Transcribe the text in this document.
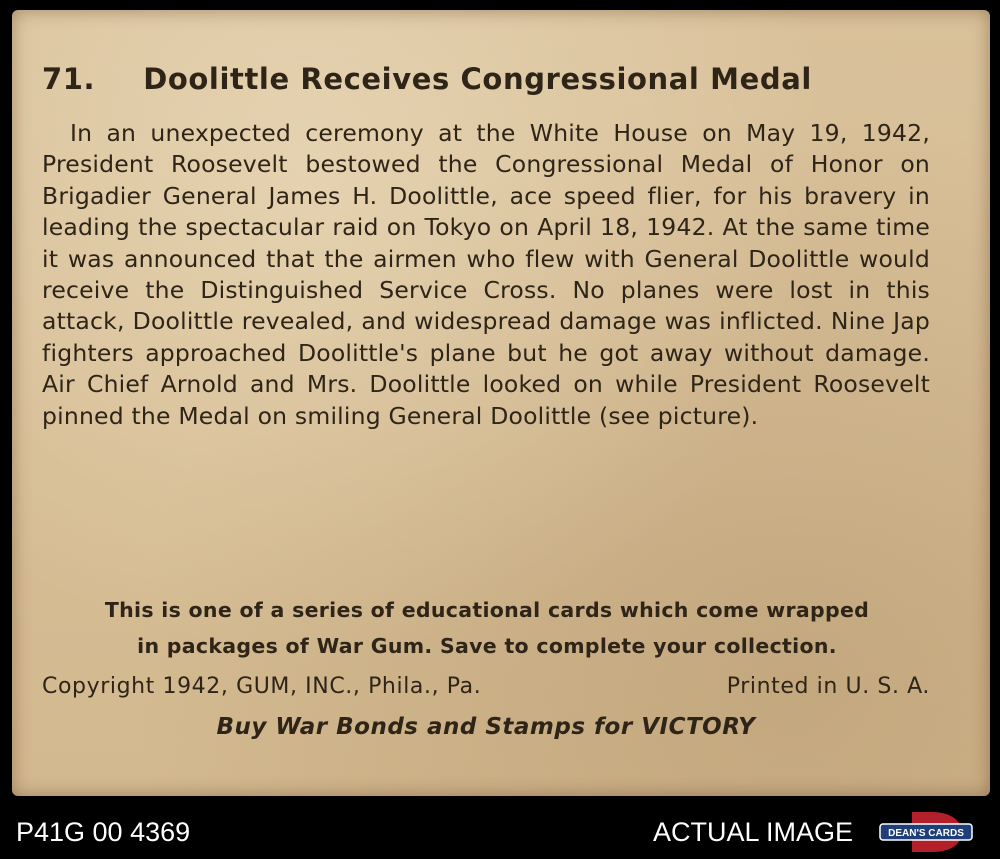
71. Doolittle Receives Congressional Medal
In an unexpected ceremony at the White House on May 19, 1942, President Roosevelt bestowed the Congressional Medal of Honor on Brigadier General James H. Doolittle, ace speed flier, for his bravery in leading the spectacular raid on Tokyo on April 18, 1942. At the same time it was announced that the airmen who flew with General Doolittle would receive the Distinguished Service Cross. No planes were lost in this attack, Doolittle revealed, and widespread damage was inflicted. Nine Jap fighters approached Doolittle's plane but he got away without damage. Air Chief Arnold and Mrs. Doolittle looked on while President Roosevelt pinned the Medal on smiling General Doolittle (see picture).
This is one of a series of educational cards which come wrapped
in packages of War Gum. Save to complete your collection.
Copyright 1942, GUM, INC., Phila., Pa.	Printed in U. S. A.
Buy War Bonds and Stamps for VICTORY
P41G 00 4369	ACTUAL IMAGE	DEAN'S CARDS
